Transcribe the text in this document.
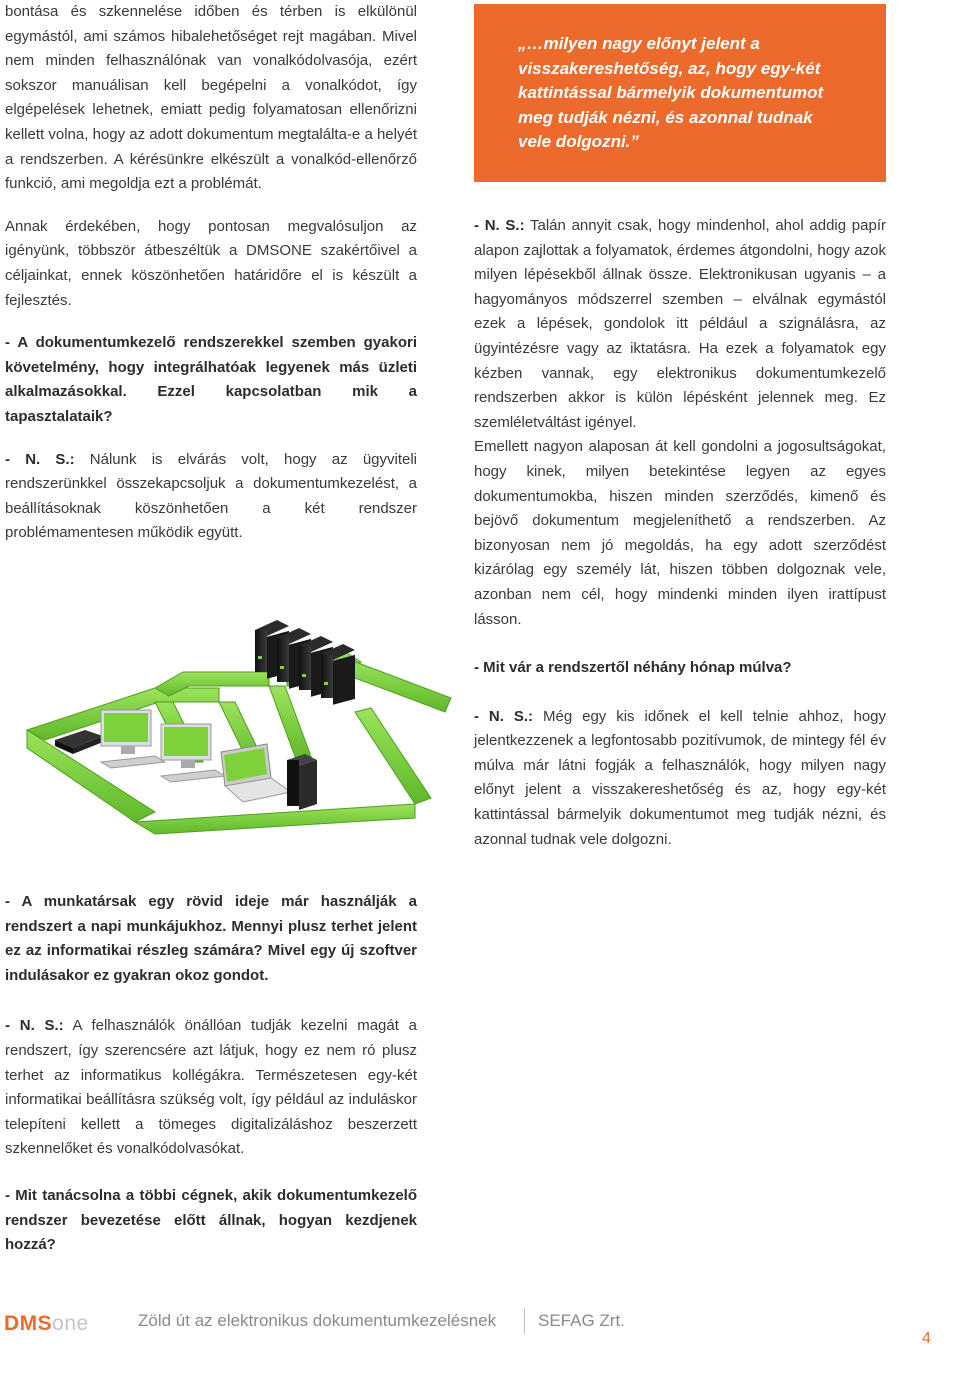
bontása és szkennelése időben és térben is elkülönül egymástól, ami számos hibalehetőséget rejt magában. Mivel nem minden felhasználónak van vonalkódolvasója, ezért sokszor manuálisan kell begépelni a vonalkódot, így elgépelések lehetnek, emiatt pedig folyamatosan ellenőrizni kellett volna, hogy az adott dokumentum megtalálta-e a helyét a rendszerben. A kérésünkre elkészült a vonalkód-ellenőrző funkció, ami megoldja ezt a problémát.

Annak érdekében, hogy pontosan megvalósuljon az igényünk, többször átbeszéltük a DMSONE szakértőivel a céljainkat, ennek köszönhetően határidőre el is készült a fejlesztés.

- A dokumentumkezelő rendszerekkel szemben gyakori követelmény, hogy integrálhatóak legyenek más üzleti alkalmazásokkal. Ezzel kapcsolatban mik a tapasztalataik?

- N. S.: Nálunk is elvárás volt, hogy az ügyviteli rendszerünkkel összekapcsoljuk a dokumentumkezelést, a beállításoknak köszönhetően a két rendszer problémamentesen működik együtt.

„…milyen nagy előnyt jelent a visszakereshetőség, az, hogy egy-két kattintással bármelyik dokumentumot meg tudják nézni, és azonnal tudnak vele dolgozni.”

- N. S.: Talán annyit csak, hogy mindenhol, ahol addig papír alapon zajlottak a folyamatok, érdemes átgondolni, hogy azok milyen lépésekből állnak össze. Elektronikusan ugyanis – a hagyományos módszerrel szemben – elválnak egymástól ezek a lépések, gondolok itt például a szignálásra, az ügyintézésre vagy az iktatásra. Ha ezek a folyamatok egy kézben vannak, egy elektronikus dokumentumkezelő rendszerben akkor is külön lépésként jelennek meg. Ez szemléletváltást igényel.

Emellett nagyon alaposan át kell gondolni a jogosultságokat, hogy kinek, milyen betekintése legyen az egyes dokumentumokba, hiszen minden szerződés, kimenő és bejövő dokumentum megjeleníthető a rendszerben. Az bizonyosan nem jó megoldás, ha egy adott szerződést kizárólag egy személy lát, hiszen többen dolgoznak vele, azonban nem cél, hogy mindenki minden ilyen irattípust lásson.

- Mit vár a rendszertől néhány hónap múlva?

- N. S.: Még egy kis időnek el kell telnie ahhoz, hogy jelentkezzenek a legfontosabb pozitívumok, de mintegy fél év múlva már látni fogják a felhasználók, hogy milyen nagy előnyt jelent a visszakereshetőség és az, hogy egy-két kattintással bármelyik dokumentumot meg tudják nézni, és azonnal tudnak vele dolgozni.

- A munkatársak egy rövid ideje már használják a rendszert a napi munkájukhoz. Mennyi plusz terhet jelent ez az informatikai részleg számára? Mivel egy új szoftver indulásakor ez gyakran okoz gondot.

- N. S.: A felhasználók önállóan tudják kezelni magát a rendszert, így szerencsére azt látjuk, hogy ez nem ró plusz terhet az informatikus kollégákra. Természetesen egy-két informatikai beállításra szükség volt, így például az induláskor telepíteni kellett a tömeges digitalizáláshoz beszerzett szkennelőket és vonalkódolvasókat.

- Mit tanácsolna a többi cégnek, akik dokumentumkezelő rendszer bevezetése előtt állnak, hogyan kezdjenek hozzá?

DMSone	Zöld út az elektronikus dokumentumkezelésnek SEFAG Zrt.
4
